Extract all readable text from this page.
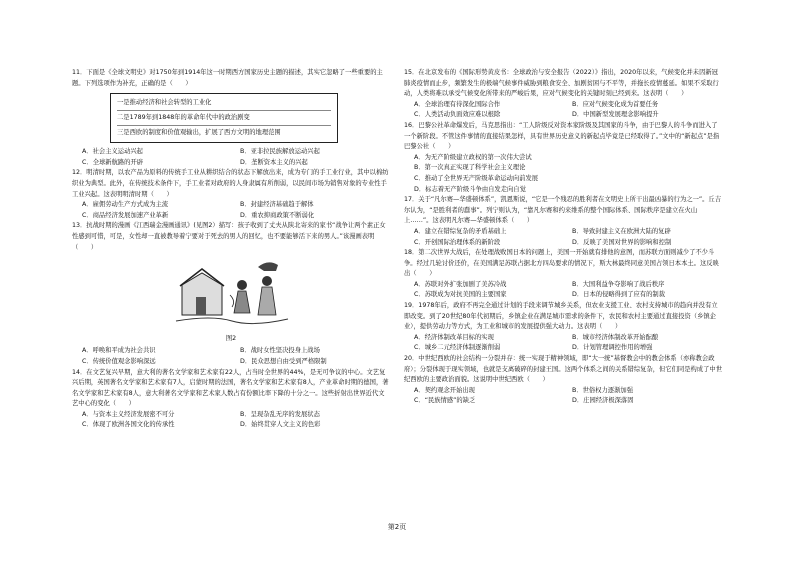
11．下面是《全球文明史》对1750年到1914年这一时期西方国家历史主题的描述，其实它忽略了一些重要的主题。下列选项作为补充，正确的是（　　）

一是推动经济和社会转型的工业化
二是1789年到1848年的革命年代中的政治剧变
三是西欧的制度和价值观输出，扩展了西方文明的地理范围
A．社会主义运动兴起	B．亚非拉民族解放运动兴起
C．全球新航路的开辟	D．垄断资本主义的兴起

12．明清时期，以农产品为原料的传统手工业从耕织结合的状态下解放出来，成为专门的手工业行业，其中以棉纺织业为典型。此外，在传统技术条件下，手工业者对政府的人身隶属有所削弱，以民间市场为销售对象的专业性手工业兴起。这表明明清时期（　　）

A．雇佣劳动生产方式成为主流	B．封建经济基础趋于解体
C．商品经济发展加速产业革新	D．重农抑商政策不断弱化

13．抗战时期的漫画《江西瑞金漫画通讯》(见图2）描写：孩子收到了丈夫从陕北寄来的家书“战争让两个素正女性感到可惜，可是，女性却一直被教导着宁要对于死去的男人的回忆，也不要能够活下来的男人。”该漫画表明（　　）

图2
A．呼唤和平成为社会共识	B．战时女性坚决投身上战场
C．传统价值观念影响深远	D．民众思想自由受到严格限制

14．在文艺复兴早期，意大利的著名文学家和艺术家有22人，占当时全世界的44%，是无可争议的中心。文艺复兴后期，英国著名文学家和艺术家有7人，启蒙时期的法国，著名文学家和艺术家有8人，产业革命时期的德国，著名文学家和艺术家有8人，意大利著名文学家和艺术家人数占有份额比率下降的十分之一。这些折射出世界近代文艺中心的变化（　　）

A．与资本主义经济发展密不可分	B．呈现杂乱无序的发展状态
C．体现了欧洲各国文化的传承性	D．始终贯穿人文主义的色彩

15．在北京发布的《国际形势黄皮书：全球政治与安全报告（2022）》指出，2020年以来，气候变化并未因新冠肺炎疫情而止步，频繁发生的极端气候事件威胁到粮食安全、加剧贫困与不平等，并拖长疫情蔓延。如果不采取行动，人类将难以承受气候变化所带来的严峻后果，应对气候变化的关键时刻已经到来。这表明（　　）

A．全球治理有待深化国际合作	B．应对气候变化成为首要任务
C．人类活动负面效应难以根除	D．中国新型发展理念影响提升

16．巴黎公社革命爆发后，马克思指出：“工人阶级反对资本家阶级及其国家的斗争，由于巴黎人的斗争而进入了一个新阶段。不管这件事情的直接结果怎样，具有世界历史意义的新起点毕竟是已经取得了。”文中的“新起点”是指巴黎公社（　　）

A．为无产阶级建立政权的第一次伟大尝试
B．第一次真正实现了科学社会主义理论
C．推动了全世界无产阶级革命运动向前发展
D．标志着无产阶级斗争由自发走向自觉

17．关于“凡尔赛—华盛顿体系”，凯恩斯说，“它是一个残忍的胜利者在文明史上所干出最凶暴的行为之一”。丘吉尔认为，“是胜利者的蠢事”。列宁则认为，“靠凡尔赛和约来维系的整个国际体系、国际秩序是建立在火山上……”。这表明凡尔赛—华盛顿体系（　　）

A．建立在错综复杂的矛盾基础上	B．导致封建主义在欧洲大陆的复辟
C．开创国际治理体系的新阶段	D．反映了美国对世界的影响和控制

18．第二次世界大战后，在处理战败国日本的问题上，美国一开始就有排他的意图，而苏联方面则减少了不少斗争。经过几轮讨价还价，在美国满足苏联占据北方四岛要求的情况下，斯大林最终同意美国占领日本本土。这反映出（　　）

A．苏联对外扩张加剧了美苏冷战	B．大国利益争夺影响了战后秩序
C．苏联成为对抗美国的主要国家	D．日本的侵略得到了应有的制裁

19．1978年后，政府不再完全通过计划的手段来调节城乡关系，但农业支援工业、农村支持城市的趋向并没有立即改变。到了20世纪80年代初期后，乡镇企业在满足城市需求的条件下，农民和农村主要通过直接投资（乡镇企业），提供劳动力等方式，为工业和城市的发展提供强大动力。这表明（　　）

A．经济体制改革目标的实现	B．城市经济体制改革开始酝酿
C．城乡二元经济体制逐渐削弱	D．计划管理调控作用的增强

20．中世纪西欧的社会结构一分裂并存：统一实现于精神领域，即“大一统”基督教会中的教会体系（亦称教会政府）；分裂体现于现实领域，也就是支离破碎的封建王国。这两个体系之间的关系错综复杂，但它们同是构成了中世纪西欧的主要政治面貌。这说明中世纪西欧（　　）

A．契约观念开始出现	B．世俗权力逐渐加强
C．“民族情感”的缺乏	D．庄园经济极深落固
第2页
